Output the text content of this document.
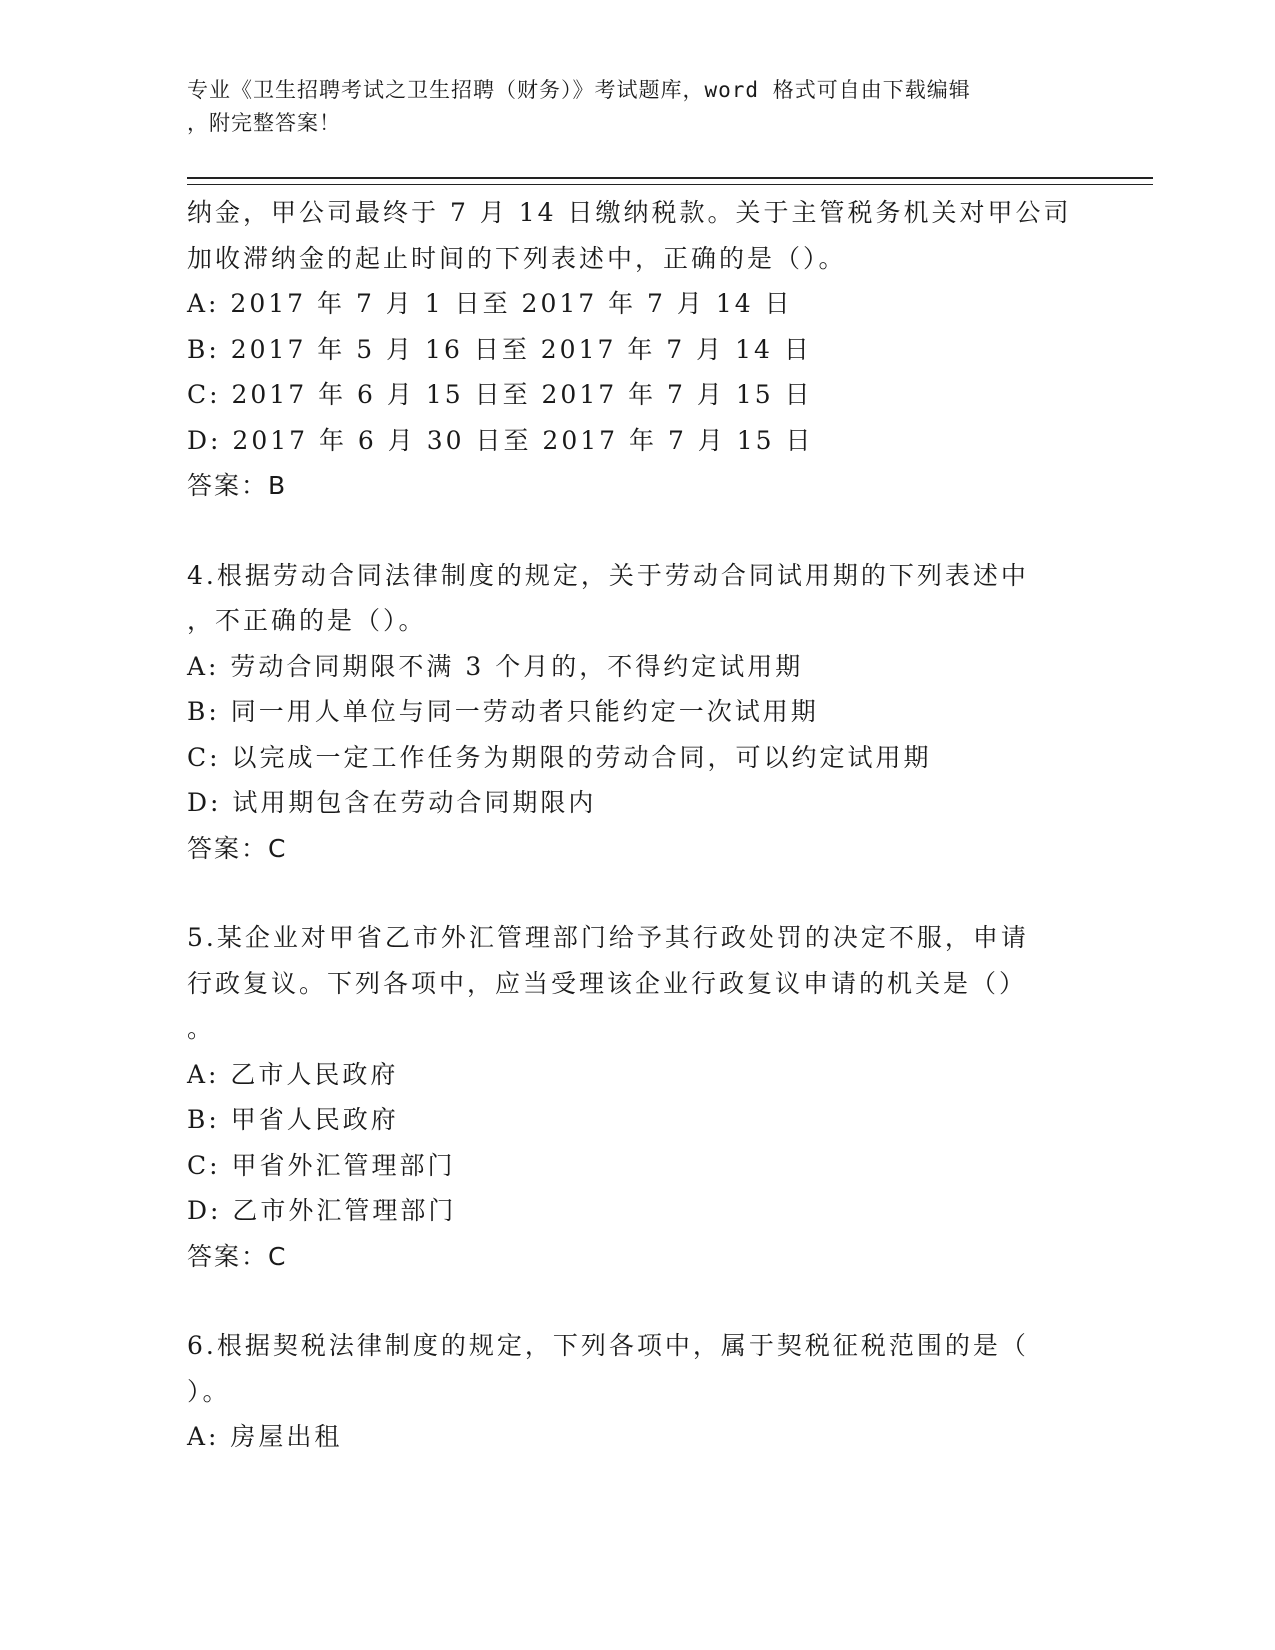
专业《卫生招聘考试之卫生招聘（财务）》考试题库，word 格式可自由下载编辑
，附完整答案！
纳金，甲公司最终于 7 月 14 日缴纳税款。关于主管税务机关对甲公司
加收滞纳金的起止时间的下列表述中，正确的是（）。
A: 2017 年 7 月 1 日至 2017 年 7 月 14 日
B: 2017 年 5 月 16 日至 2017 年 7 月 14 日
C: 2017 年 6 月 15 日至 2017 年 7 月 15 日
D: 2017 年 6 月 30 日至 2017 年 7 月 15 日
答案：B
4.根据劳动合同法律制度的规定，关于劳动合同试用期的下列表述中
，不正确的是（）。
A: 劳动合同期限不满 3 个月的，不得约定试用期
B: 同一用人单位与同一劳动者只能约定一次试用期
C: 以完成一定工作任务为期限的劳动合同，可以约定试用期
D: 试用期包含在劳动合同期限内
答案：C
5.某企业对甲省乙市外汇管理部门给予其行政处罚的决定不服，申请
行政复议。下列各项中，应当受理该企业行政复议申请的机关是（）
。
A: 乙市人民政府
B: 甲省人民政府
C: 甲省外汇管理部门
D: 乙市外汇管理部门
答案：C
6.根据契税法律制度的规定，下列各项中，属于契税征税范围的是（
）。
A: 房屋出租
